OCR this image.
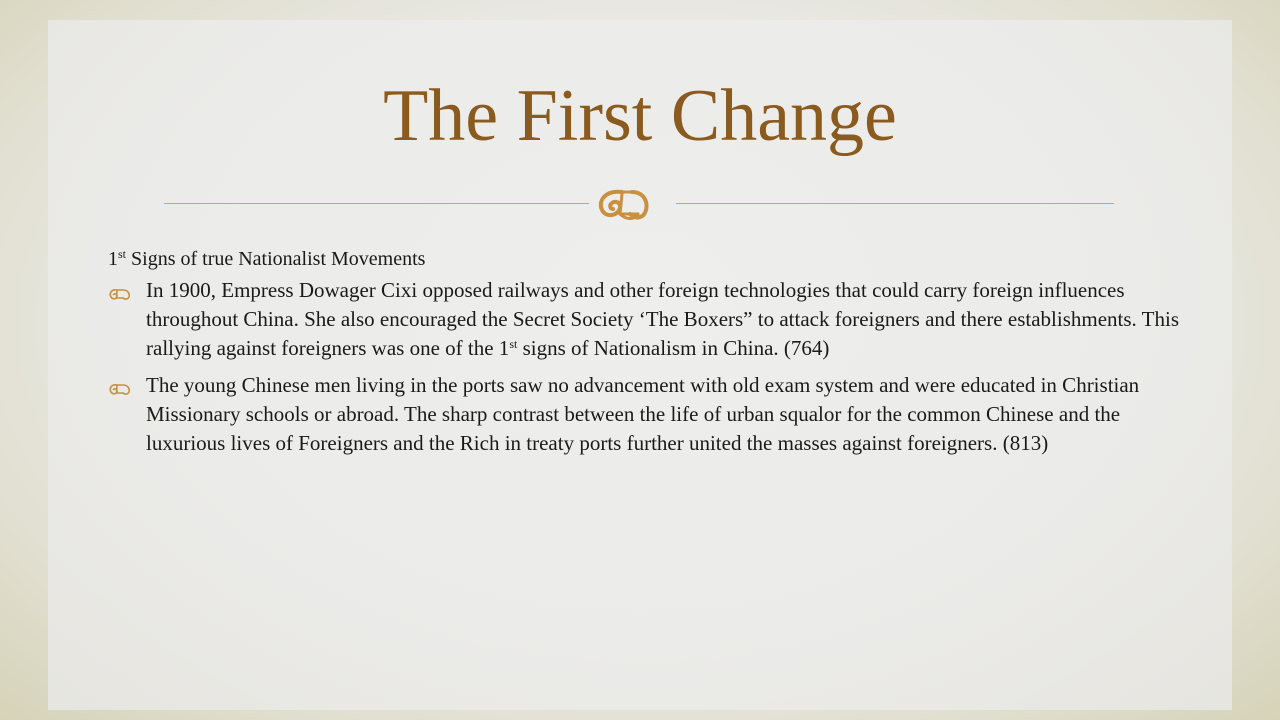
The First Change

1st Signs of true Nationalist Movements

In 1900, Empress Dowager Cixi opposed railways and other foreign technologies that could carry foreign influences throughout China. She also encouraged the Secret Society ‘The Boxers” to attack foreigners and there establishments. This rallying against foreigners was one of the 1st signs of Nationalism in China. (764)

The young Chinese men living in the ports saw no advancement with old exam system and were educated in Christian Missionary schools or abroad. The sharp contrast between the life of urban squalor for the common Chinese and the luxurious lives of Foreigners and the Rich in treaty ports further united the masses against foreigners. (813)
